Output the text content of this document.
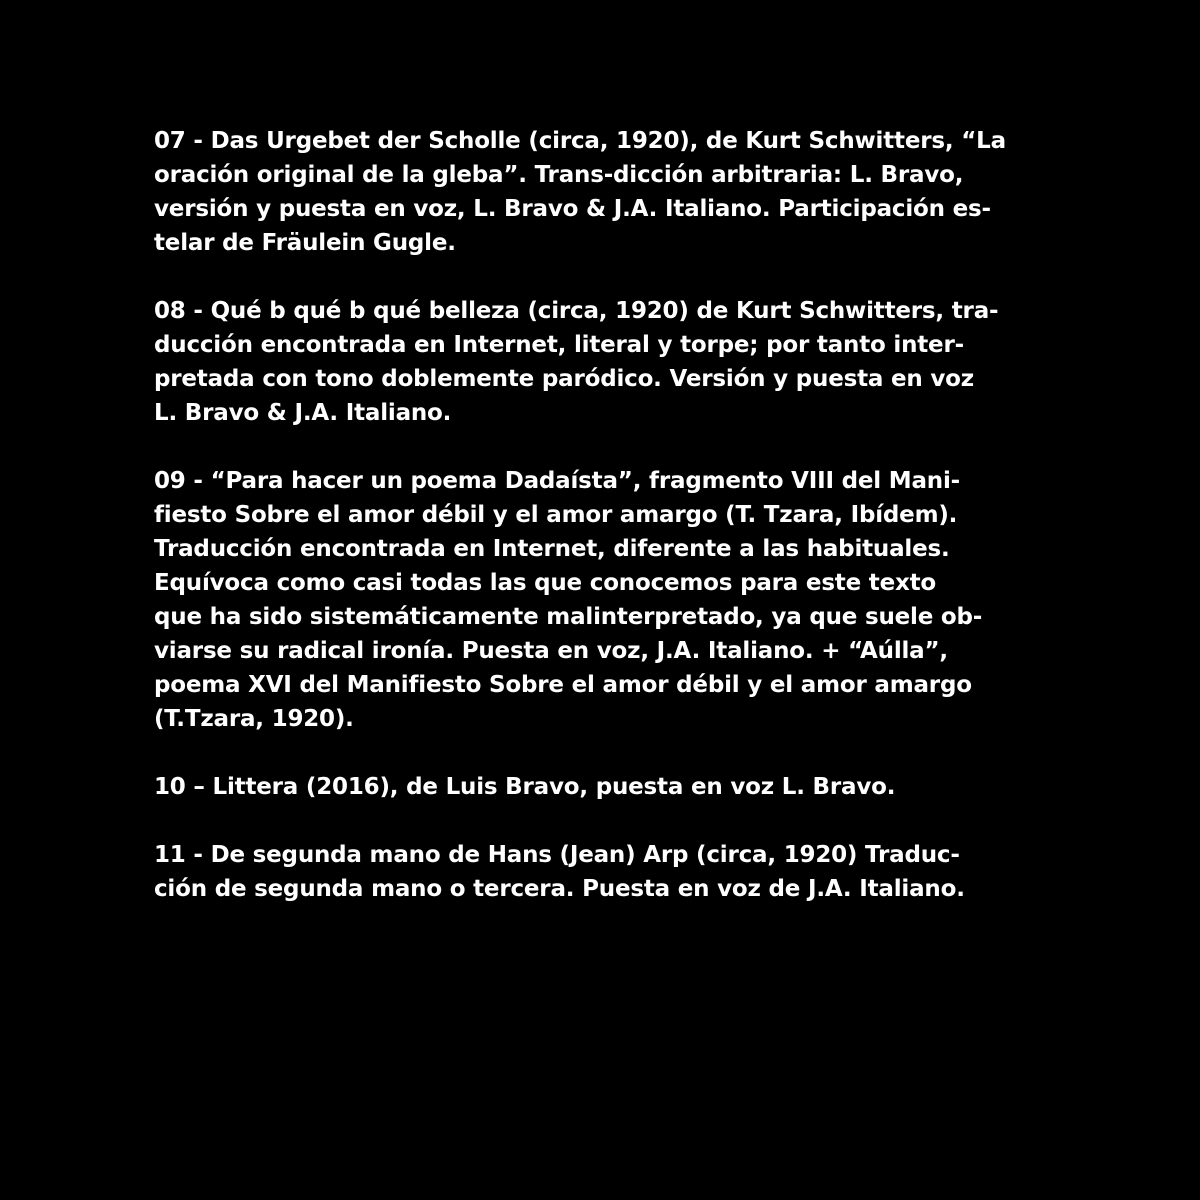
07 - Das Urgebet der Scholle (circa, 1920), de Kurt Schwitters, “La
oración original de la gleba”. Trans-dicción arbitraria: L. Bravo,
versión y puesta en voz, L. Bravo & J.A. Italiano. Participación es-
telar de Fräulein Gugle.
08 - Qué b qué b qué belleza (circa, 1920) de Kurt Schwitters, tra-
ducción encontrada en Internet, literal y torpe; por tanto inter-
pretada con tono doblemente paródico. Versión y puesta en voz
L. Bravo & J.A. Italiano.
09 - “Para hacer un poema Dadaísta”, fragmento VIII del Mani-
fiesto Sobre el amor débil y el amor amargo (T. Tzara, Ibídem).
Traducción encontrada en Internet, diferente a las habituales.
Equívoca como casi todas las que conocemos para este texto
que ha sido sistemáticamente malinterpretado, ya que suele ob-
viarse su radical ironía. Puesta en voz, J.A. Italiano. + “Aúlla”,
poema XVI del Manifiesto Sobre el amor débil y el amor amargo
(T.Tzara, 1920).
10 – Littera (2016), de Luis Bravo, puesta en voz L. Bravo.
11 - De segunda mano de Hans (Jean) Arp (circa, 1920) Traduc-
ción de segunda mano o tercera. Puesta en voz de J.A. Italiano.
